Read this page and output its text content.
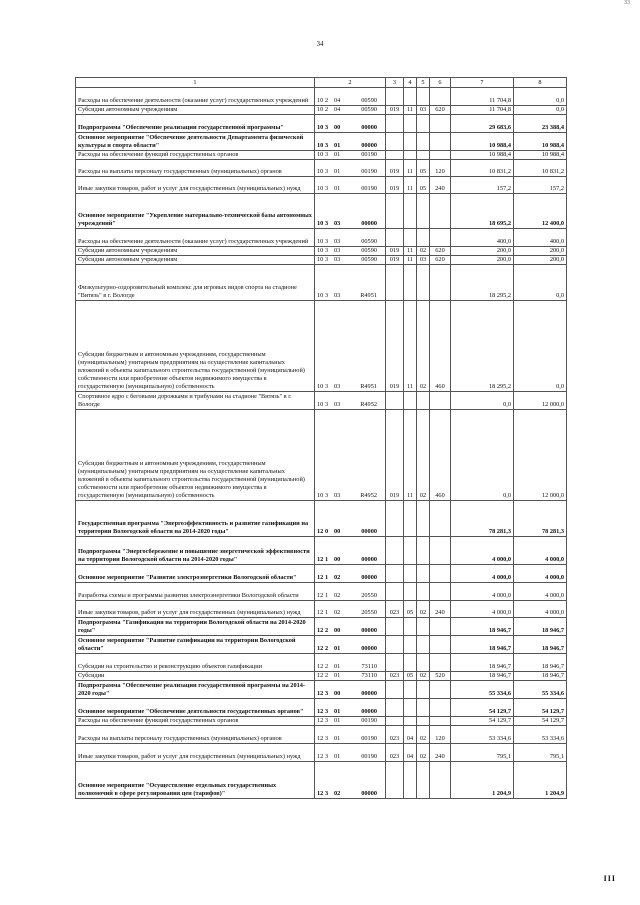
33
34
1	2	3	4	5	6	7	8
Расходы на обеспечение деятельности (оказание услуг) государственных учреждений	10 2 04 00590					11 704,8	0,0
Субсидии автономным учреждениям	10 2 04 00590	019	11	03	620	11 704,8	0,0
Подпрограмма "Обеспечение реализации государственной программы"	10 3 00 00000					29 683,6	23 388,4
Основное мероприятие "Обеспечение деятельности Департамента физической культуры и спорта области"	10 3 01 00000					10 988,4	10 988,4
Расходы на обеспечение функций государственных органов	10 3 01 00190					10 988,4	10 988,4
Расходы на выплаты персоналу государственных (муниципальных) органов	10 3 01 00190	019	11	05	120	10 831,2	10 831,2
Иные закупки товаров, работ и услуг для государственных (муниципальных) нужд	10 3 01 00190	019	11	05	240	157,2	157,2
Основное мероприятие "Укрепление материально-технической базы автономных учреждений"	10 3 03 00000					18 695,2	12 400,0
Расходы на обеспечение деятельности (оказание услуг) государственных учреждений	10 3 03 00590					400,0	400,0
Субсидии автономным учреждениям	10 3 03 00590	019	11	02	620	200,0	200,0
Субсидии автономным учреждениям	10 3 03 00590	019	11	03	620	200,0	200,0
Физкультурно-оздоровительный комплекс для игровых видов спорта на стадионе "Витязь" в г. Вологде	10 3 03 R4951					18 295,2	0,0
Субсидии бюджетным и автономным учреждениям, государственным (муниципальным) унитарным предприятиям на осуществление капитальных вложений в объекты капитального строительства государственной (муниципальной) собственности или приобретение объектов недвижимого имущества в государственную (муниципальную) собственность	10 3 03 R4951	019	11	02	460	18 295,2	0,0
Спортивное ядро с беговыми дорожками и трибунами на стадионе "Витязь" в г. Вологде	10 3 03 R4952					0,0	12 000,0
Субсидии бюджетным и автономным учреждениям, государственным (муниципальным) унитарным предприятиям на осуществление капитальных вложений в объекты капитального строительства государственной (муниципальной) собственности или приобретение объектов недвижимого имущества в государственную (муниципальную) собственность	10 3 03 R4952	019	11	02	460	0,0	12 000,0
Государственная программа "Энергоэффективность и развитие газификации на территории Вологодской области на 2014-2020 годы"	12 0 00 00000					78 281,3	78 281,3
Подпрограмма "Энергосбережение и повышение энергетической эффективности на территории Вологодской области на 2014-2020 годы"	12 1 00 00000					4 000,0	4 000,0
Основное мероприятие "Развитие электроэнергетики Вологодской области"	12 1 02 00000					4 000,0	4 000,0
Разработка схемы и программы развития электроэнергетики Вологодской области	12 1 02 20550					4 000,0	4 000,0
Иные закупки товаров, работ и услуг для государственных (муниципальных) нужд	12 1 02 20550	023	05	02	240	4 000,0	4 000,0
Подпрограмма "Газификация на территории Вологодской области на 2014-2020 годы"	12 2 00 00000					18 946,7	18 946,7
Основное мероприятие "Развитие газификации на территории Вологодской области"	12 2 01 00000					18 946,7	18 946,7
Субсидии на строительство и реконструкцию объектов газификации	12 2 01 73110					18 946,7	18 946,7
Субсидии	12 2 01 73110	023	05	02	520	18 946,7	18 946,7
Подпрограмма "Обеспечение реализации государственной программы на 2014-2020 годы"	12 3 00 00000					55 334,6	55 334,6
Основное мероприятие "Обеспечение деятельности государственных органов"	12 3 01 00000					54 129,7	54 129,7
Расходы на обеспечение функций государственных органов	12 3 01 00190					54 129,7	54 129,7
Расходы на выплаты персоналу государственных (муниципальных) органов	12 3 01 00190	023	04	02	120	53 334,6	53 334,6
Иные закупки товаров, работ и услуг для государственных (муниципальных) нужд	12 3 01 00190	023	04	02	240	795,1	795,1
Основное мероприятие "Осуществление отдельных государственных полномочий в сфере регулирования цен (тарифов)"	12 3 02 00000					1 204,9	1 204,9
III
